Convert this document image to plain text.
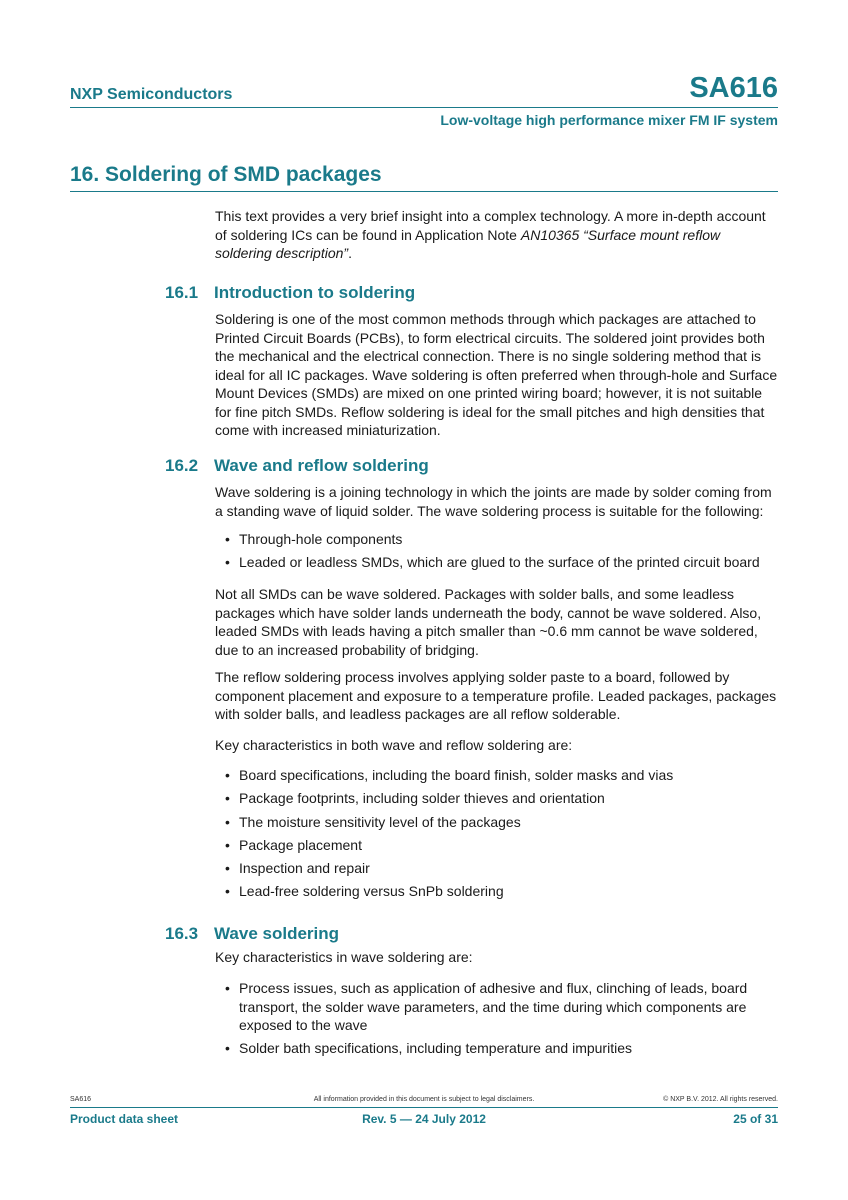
NXP Semiconductors	SA616
Low-voltage high performance mixer FM IF system
16. Soldering of SMD packages

This text provides a very brief insight into a complex technology. A more in-depth account of soldering ICs can be found in Application Note AN10365 “Surface mount reflow soldering description”.

16.1 Introduction to soldering

Soldering is one of the most common methods through which packages are attached to Printed Circuit Boards (PCBs), to form electrical circuits. The soldered joint provides both the mechanical and the electrical connection. There is no single soldering method that is ideal for all IC packages. Wave soldering is often preferred when through-hole and Surface Mount Devices (SMDs) are mixed on one printed wiring board; however, it is not suitable for fine pitch SMDs. Reflow soldering is ideal for the small pitches and high densities that come with increased miniaturization.

16.2 Wave and reflow soldering

Wave soldering is a joining technology in which the joints are made by solder coming from a standing wave of liquid solder. The wave soldering process is suitable for the following:

• Through-hole components
• Leaded or leadless SMDs, which are glued to the surface of the printed circuit board

Not all SMDs can be wave soldered. Packages with solder balls, and some leadless packages which have solder lands underneath the body, cannot be wave soldered. Also, leaded SMDs with leads having a pitch smaller than ~0.6 mm cannot be wave soldered, due to an increased probability of bridging.

The reflow soldering process involves applying solder paste to a board, followed by component placement and exposure to a temperature profile. Leaded packages, packages with solder balls, and leadless packages are all reflow solderable.

Key characteristics in both wave and reflow soldering are:

• Board specifications, including the board finish, solder masks and vias
• Package footprints, including solder thieves and orientation
• The moisture sensitivity level of the packages
• Package placement
• Inspection and repair
• Lead-free soldering versus SnPb soldering
16.3 Wave soldering

Key characteristics in wave soldering are:

• Process issues, such as application of adhesive and flux, clinching of leads, board transport, the solder wave parameters, and the time during which components are exposed to the wave
• Solder bath specifications, including temperature and impurities
SA616	All information provided in this document is subject to legal disclaimers.	© NXP B.V. 2012. All rights reserved.
Product data sheet	Rev. 5 — 24 July 2012	25 of 31
